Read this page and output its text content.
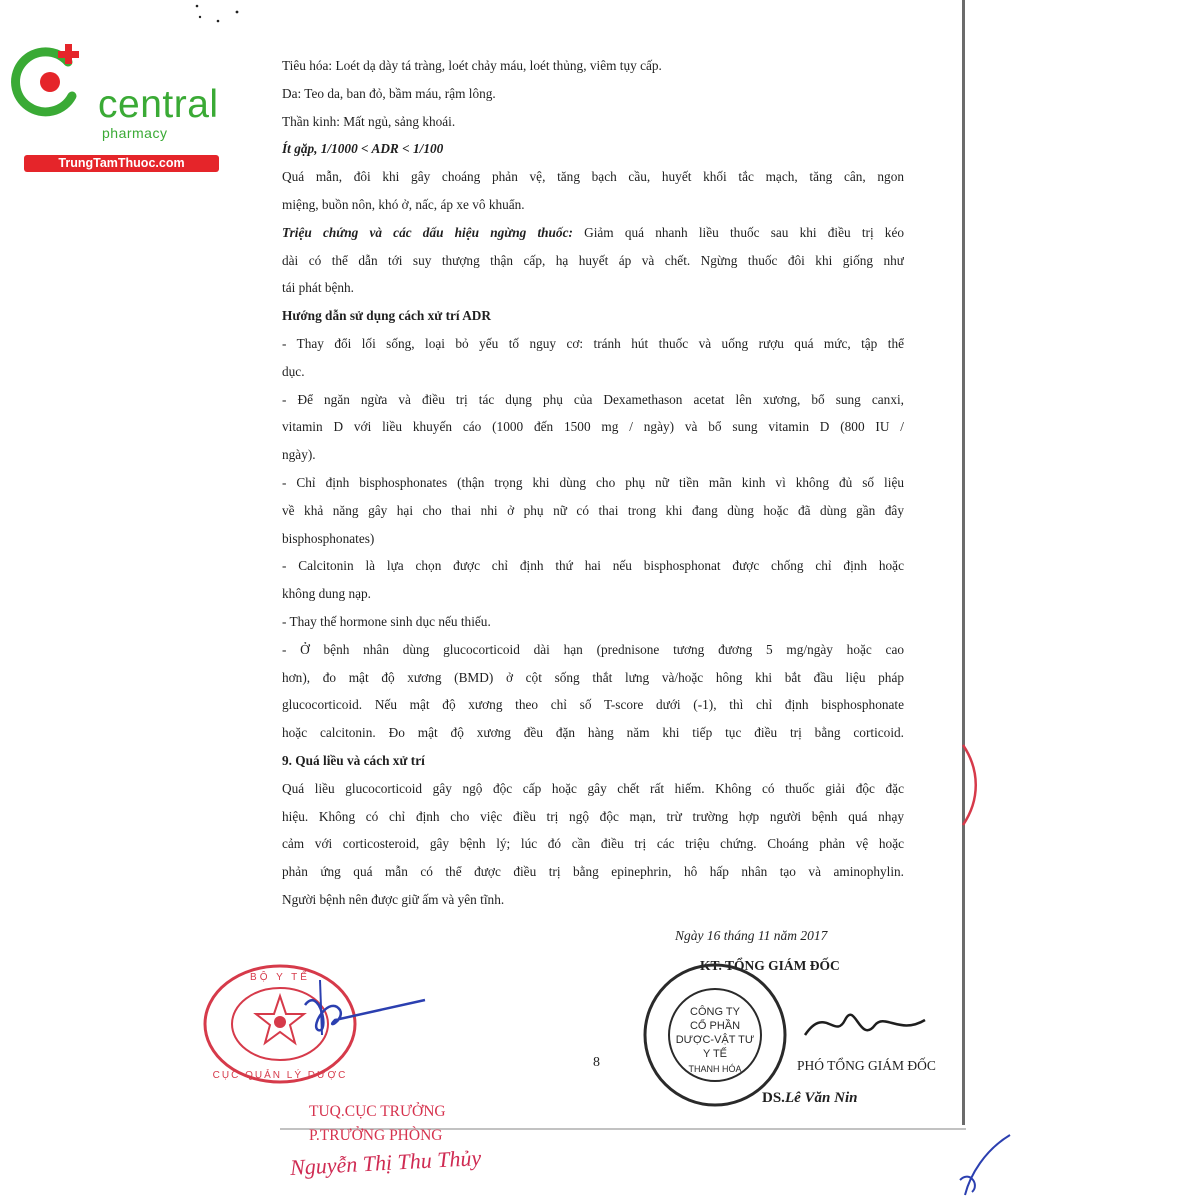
central

pharmacy

TrungTamThuoc.com

Tiêu hóa: Loét dạ dày tá tràng, loét chảy máu, loét thủng, viêm tụy cấp.

Da: Teo da, ban đỏ, bầm máu, rậm lông.

Thần kinh: Mất ngủ, sảng khoái.

Ít gặp, 1/1000 < ADR < 1/100

Quá mẫn, đôi khi gây choáng phản vệ, tăng bạch cầu, huyết khối tắc mạch, tăng cân, ngon

miệng, buồn nôn, khó ở, nấc, áp xe vô khuẩn.

Triệu chứng và các dấu hiệu ngừng thuốc: Giảm quá nhanh liều thuốc sau khi điều trị kéo

dài có thể dẫn tới suy thượng thận cấp, hạ huyết áp và chết. Ngừng thuốc đôi khi giống như

tái phát bệnh.

Hướng dẫn sử dụng cách xử trí ADR

- Thay đổi lối sống, loại bỏ yếu tố nguy cơ: tránh hút thuốc và uống rượu quá mức, tập thể

dục.

- Để ngăn ngừa và điều trị tác dụng phụ của Dexamethason acetat lên xương, bổ sung canxi,

vitamin D với liều khuyến cáo (1000 đến 1500 mg / ngày) và bổ sung vitamin D (800 IU /

ngày).

- Chỉ định bisphosphonates (thận trọng khi dùng cho phụ nữ tiền mãn kinh vì không đủ số liệu

về khả năng gây hại cho thai nhi ở phụ nữ có thai trong khi đang dùng hoặc đã dùng gần đây

bisphosphonates)

- Calcitonin là lựa chọn được chỉ định thứ hai nếu bisphosphonat được chống chỉ định hoặc

không dung nạp.

- Thay thế hormone sinh dục nếu thiếu.

- Ở bệnh nhân dùng glucocorticoid dài hạn (prednisone tương đương 5 mg/ngày hoặc cao

hơn), đo mật độ xương (BMD) ở cột sống thắt lưng và/hoặc hông khi bắt đầu liệu pháp

glucocorticoid. Nếu mật độ xương theo chỉ số T-score dưới (-1), thì chỉ định bisphosphonate

hoặc calcitonin. Đo mật độ xương đều đặn hàng năm khi tiếp tục điều trị bằng corticoid.

9. Quá liều và cách xử trí

Quá liều glucocorticoid gây ngộ độc cấp hoặc gây chết rất hiếm. Không có thuốc giải độc đặc

hiệu. Không có chỉ định cho việc điều trị ngộ độc mạn, trừ trường hợp người bệnh quá nhạy

cảm với corticosteroid, gây bệnh lý; lúc đó cần điều trị các triệu chứng. Choáng phản vệ hoặc

phản ứng quá mẫn có thể được điều trị bằng epinephrin, hô hấp nhân tạo và aminophylin.

Người bệnh nên được giữ ấm và yên tĩnh.

Ngày 16 tháng 11 năm 2017

KT. TỔNG GIÁM ĐỐC

8	PHÓ TỔNG GIÁM ĐỐC

DS.Lê Văn Nin

BỘ Y TẾ
CỤC QUẢN LÝ DƯỢC
CÔNG TY
CỔ PHẦN
DƯỢC-VẬT TƯ
Y TẾ
THANH HÓA

TUQ.CỤC TRƯỞNG

P.TRƯỞNG PHÒNG

Nguyễn Thị Thu Thủy
